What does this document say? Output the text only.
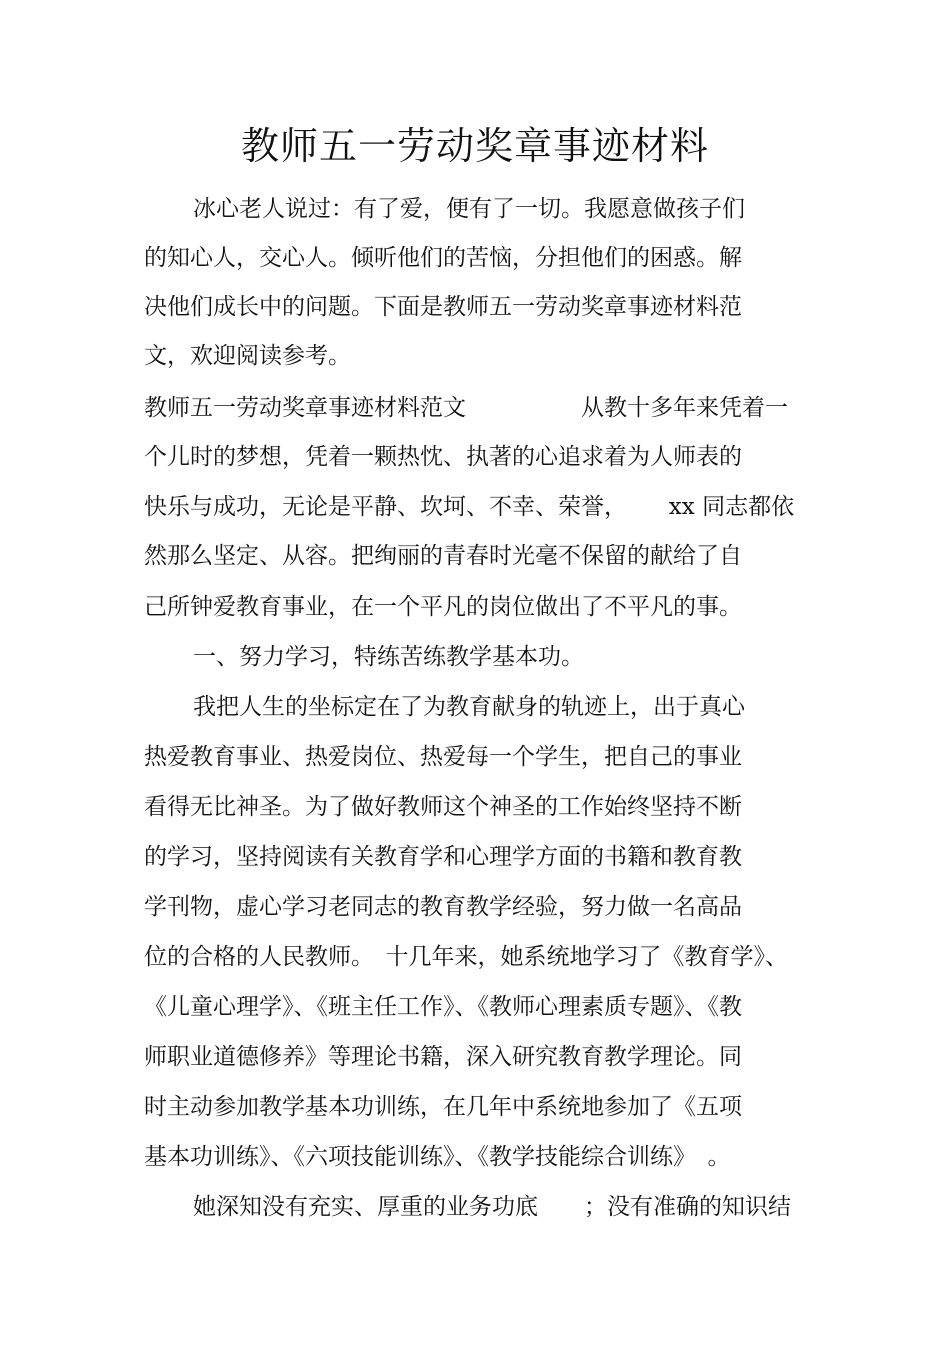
教师五一劳动奖章事迹材料
冰心老人说过：有了爱，便有了一切。我愿意做孩子们
的知心人，交心人。倾听他们的苦恼，分担他们的困惑。解
决他们成长中的问题。下面是教师五一劳动奖章事迹材料范
文，欢迎阅读参考。
教师五一劳动奖章事迹材料范文　　　　　从教十多年来凭着一
个儿时的梦想，凭着一颗热忱、执著的心追求着为人师表的
快乐与成功，无论是平静、坎坷、不幸、荣誉，　　 xx 同志都依
然那么坚定、从容。把绚丽的青春时光毫不保留的献给了自
己所钟爱教育事业，在一个平凡的岗位做出了不平凡的事。
一、努力学习，特练苦练教学基本功。
我把人生的坐标定在了为教育献身的轨迹上，出于真心
热爱教育事业、热爱岗位、热爱每一个学生，把自己的事业
看得无比神圣。为了做好教师这个神圣的工作始终坚持不断
的学习，坚持阅读有关教育学和心理学方面的书籍和教育教
学刊物，虚心学习老同志的教育教学经验，努力做一名高品
位的合格的人民教师。　十几年来，她系统地学习了《教育学》、
《儿童心理学》、《班主任工作》、《教师心理素质专题》、《教
师职业道德修养》等理论书籍，深入研究教育教学理论。同
时主动参加教学基本功训练，在几年中系统地参加了《五项
基本功训练》、《六项技能训练》、《教学技能综合训练》　。
她深知没有充实、厚重的业务功底　　；没有准确的知识结
